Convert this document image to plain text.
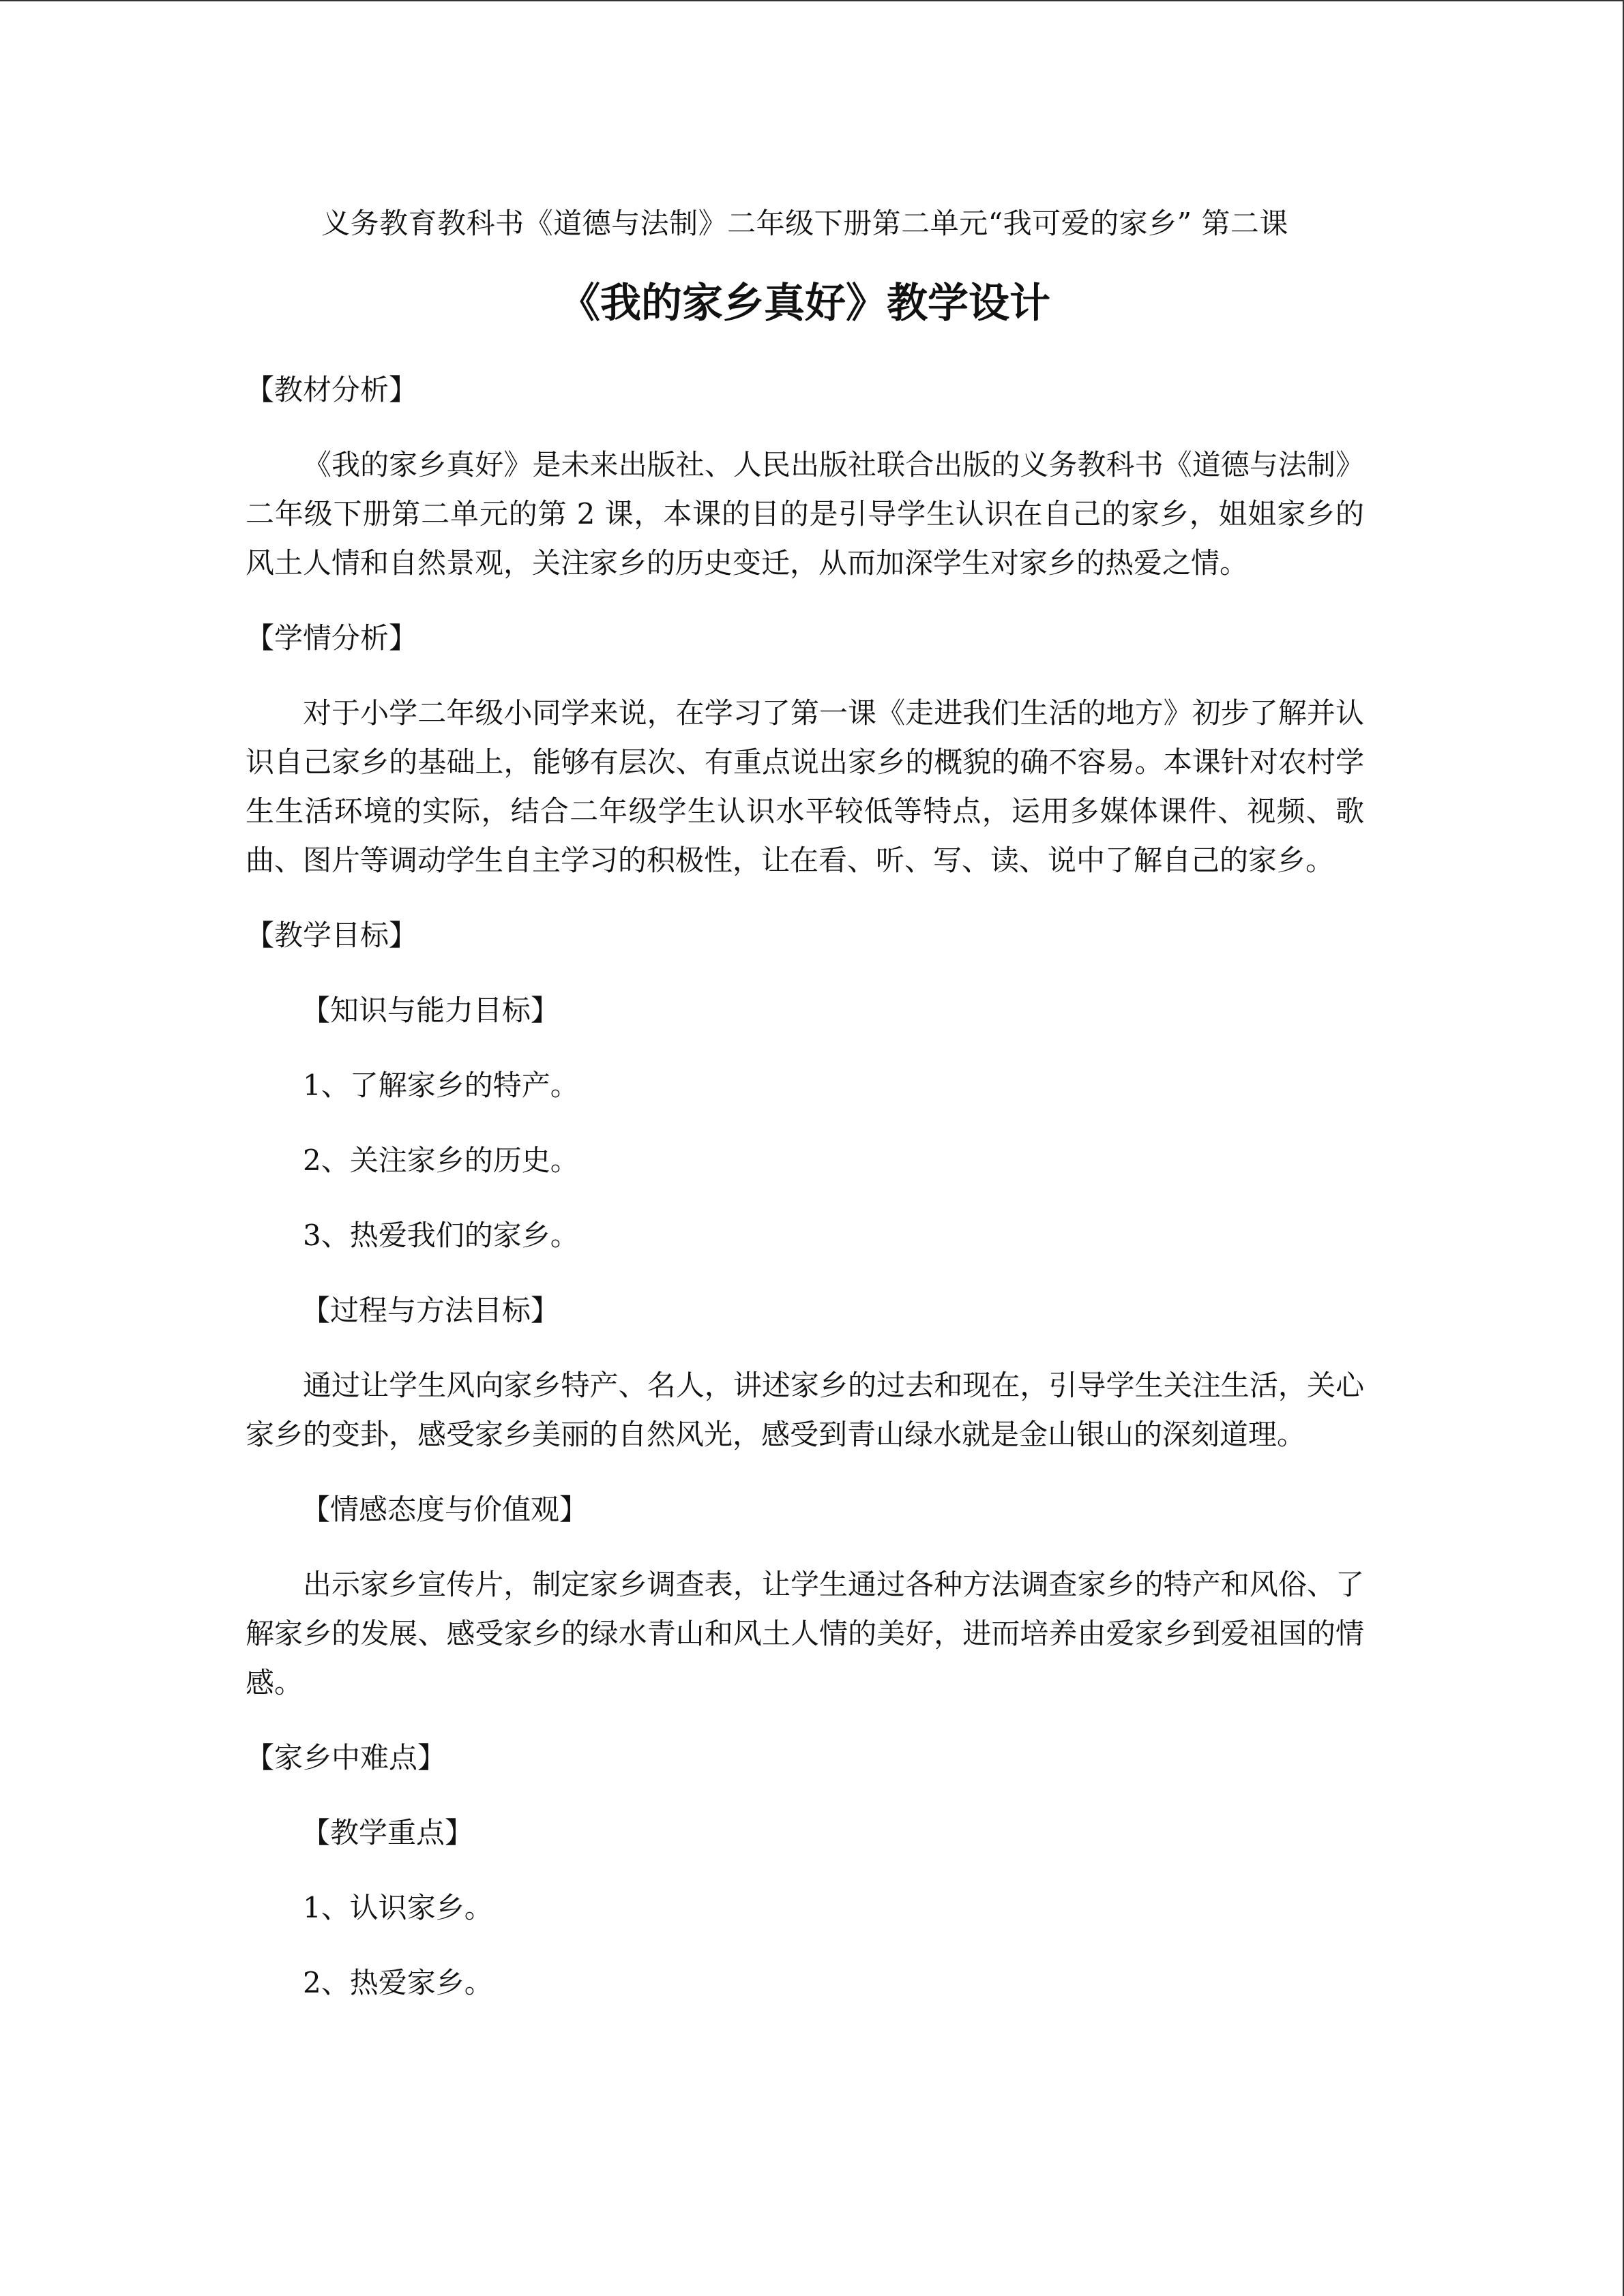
义务教育教科书《道德与法制》二年级下册第二单元“我可爱的家乡” 第二课

《我的家乡真好》教学设计

【教材分析】

《我的家乡真好》是未来出版社、人民出版社联合出版的义务教科书《道德与法制》二年级下册第二单元的第 2 课，本课的目的是引导学生认识在自己的家乡，姐姐家乡的风土人情和自然景观，关注家乡的历史变迁，从而加深学生对家乡的热爱之情。

【学情分析】

对于小学二年级小同学来说，在学习了第一课《走进我们生活的地方》初步了解并认识自己家乡的基础上，能够有层次、有重点说出家乡的概貌的确不容易。本课针对农村学生生活环境的实际，结合二年级学生认识水平较低等特点，运用多媒体课件、视频、歌曲、图片等调动学生自主学习的积极性，让在看、听、写、读、说中了解自己的家乡。

【教学目标】

【知识与能力目标】

1、了解家乡的特产。

2、关注家乡的历史。

3、热爱我们的家乡。

【过程与方法目标】

通过让学生风向家乡特产、名人，讲述家乡的过去和现在，引导学生关注生活，关心家乡的变卦，感受家乡美丽的自然风光，感受到青山绿水就是金山银山的深刻道理。

【情感态度与价值观】

出示家乡宣传片，制定家乡调查表，让学生通过各种方法调查家乡的特产和风俗、了解家乡的发展、感受家乡的绿水青山和风土人情的美好，进而培养由爱家乡到爱祖国的情感。

【家乡中难点】

【教学重点】

1、认识家乡。

2、热爱家乡。
